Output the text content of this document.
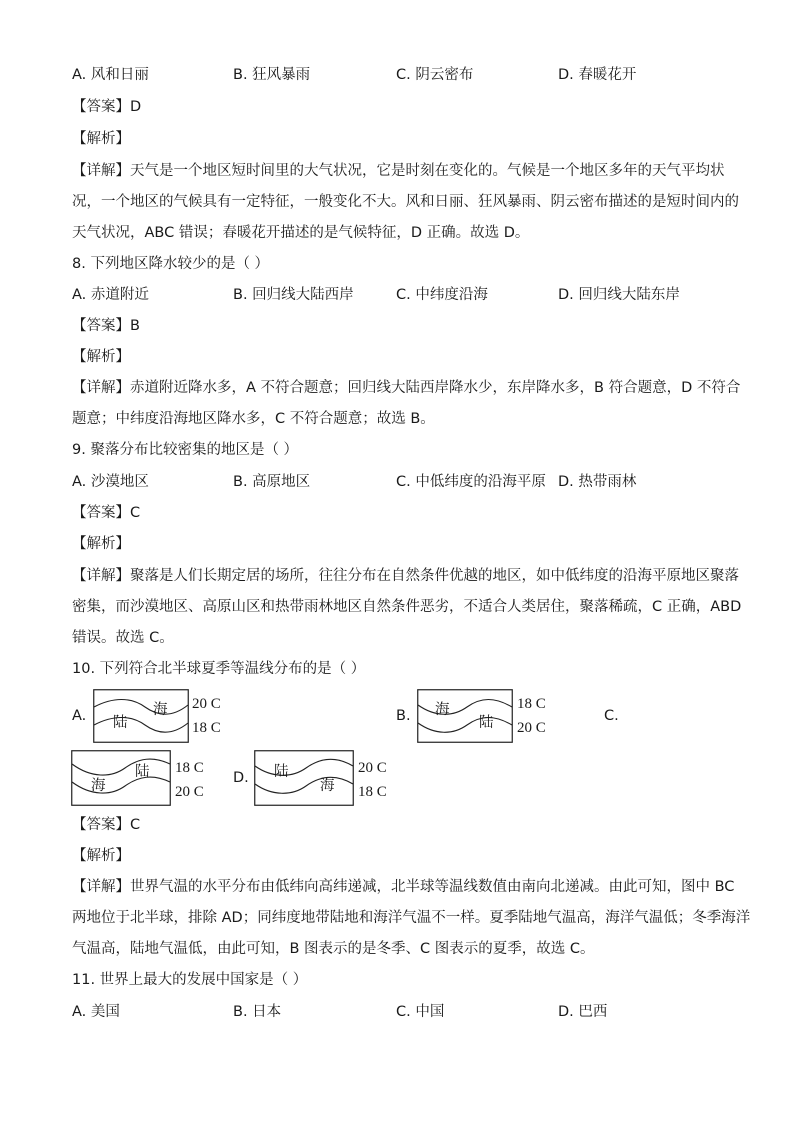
A. 风和日丽	B. 狂风暴雨	C. 阴云密布	D. 春暖花开
【答案】D
【解析】
【详解】天气是一个地区短时间里的大气状况，它是时刻在变化的。气候是一个地区多年的天气平均状
况，一个地区的气候具有一定特征，一般变化不大。风和日丽、狂风暴雨、阴云密布描述的是短时间内的
天气状况，ABC 错误；春暖花开描述的是气候特征，D 正确。故选 D。
8. 下列地区降水较少的是（ ）
A. 赤道附近	B. 回归线大陆西岸	C. 中纬度沿海	D. 回归线大陆东岸
【答案】B
【解析】
【详解】赤道附近降水多，A 不符合题意；回归线大陆西岸降水少，东岸降水多，B 符合题意，D 不符合
题意；中纬度沿海地区降水多，C 不符合题意；故选 B。
9. 聚落分布比较密集的地区是（ ）
A. 沙漠地区	B. 高原地区	C. 中低纬度的沿海平原 D. 热带雨林
【答案】C
【解析】
【详解】聚落是人们长期定居的场所，往往分布在自然条件优越的地区，如中低纬度的沿海平原地区聚落
密集，而沙漠地区、高原山区和热带雨林地区自然条件恶劣，不适合人类居住，聚落稀疏，C 正确，ABD
错误。故选 C。
10. 下列符合北半球夏季等温线分布的是（ ）
A. 陆
海 20 C
18 C
B. 海
陆
18 C
20 C
C.
海
陆 18 C
20 C
D. 陆
海
20 C
18 C
【答案】C
【解析】
【详解】世界气温的水平分布由低纬向高纬递减，北半球等温线数值由南向北递减。由此可知，图中 BC
两地位于北半球，排除 AD；同纬度地带陆地和海洋气温不一样。夏季陆地气温高，海洋气温低；冬季海洋
气温高，陆地气温低，由此可知，B 图表示的是冬季、C 图表示的夏季，故选 C。
11. 世界上最大的发展中国家是（ ）
A. 美国	B. 日本	C. 中国	D. 巴西
